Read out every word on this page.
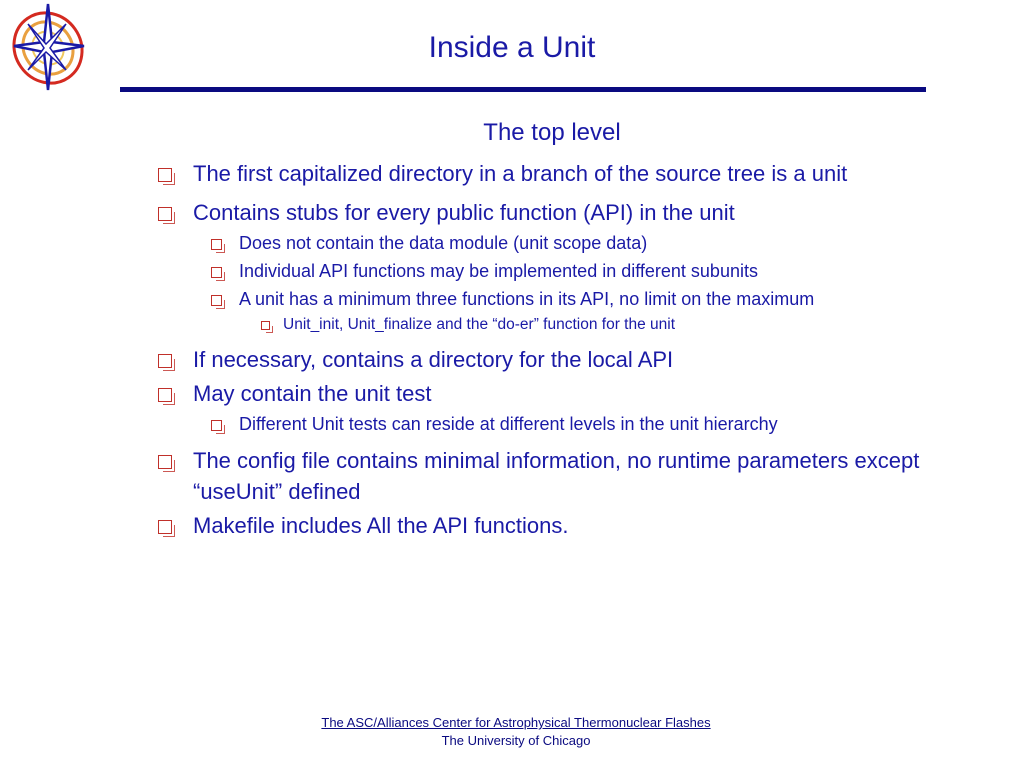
Inside a Unit
The top level
The first capitalized directory in a branch of the source tree is a unit
Contains stubs for every public function (API) in the unit
Does not contain the data module (unit scope data)
Individual API functions may be implemented in different subunits
A unit has a minimum three functions in its API, no limit on the maximum
Unit_init, Unit_finalize and the “do-er” function for the unit
If necessary, contains a directory for the local API
May contain the unit test
Different Unit tests can reside at different levels in the unit hierarchy
The config file contains minimal information, no runtime parameters except “useUnit” defined
Makefile includes All the API functions.
The ASC/Alliances Center for Astrophysical Thermonuclear Flashes
The University of Chicago
